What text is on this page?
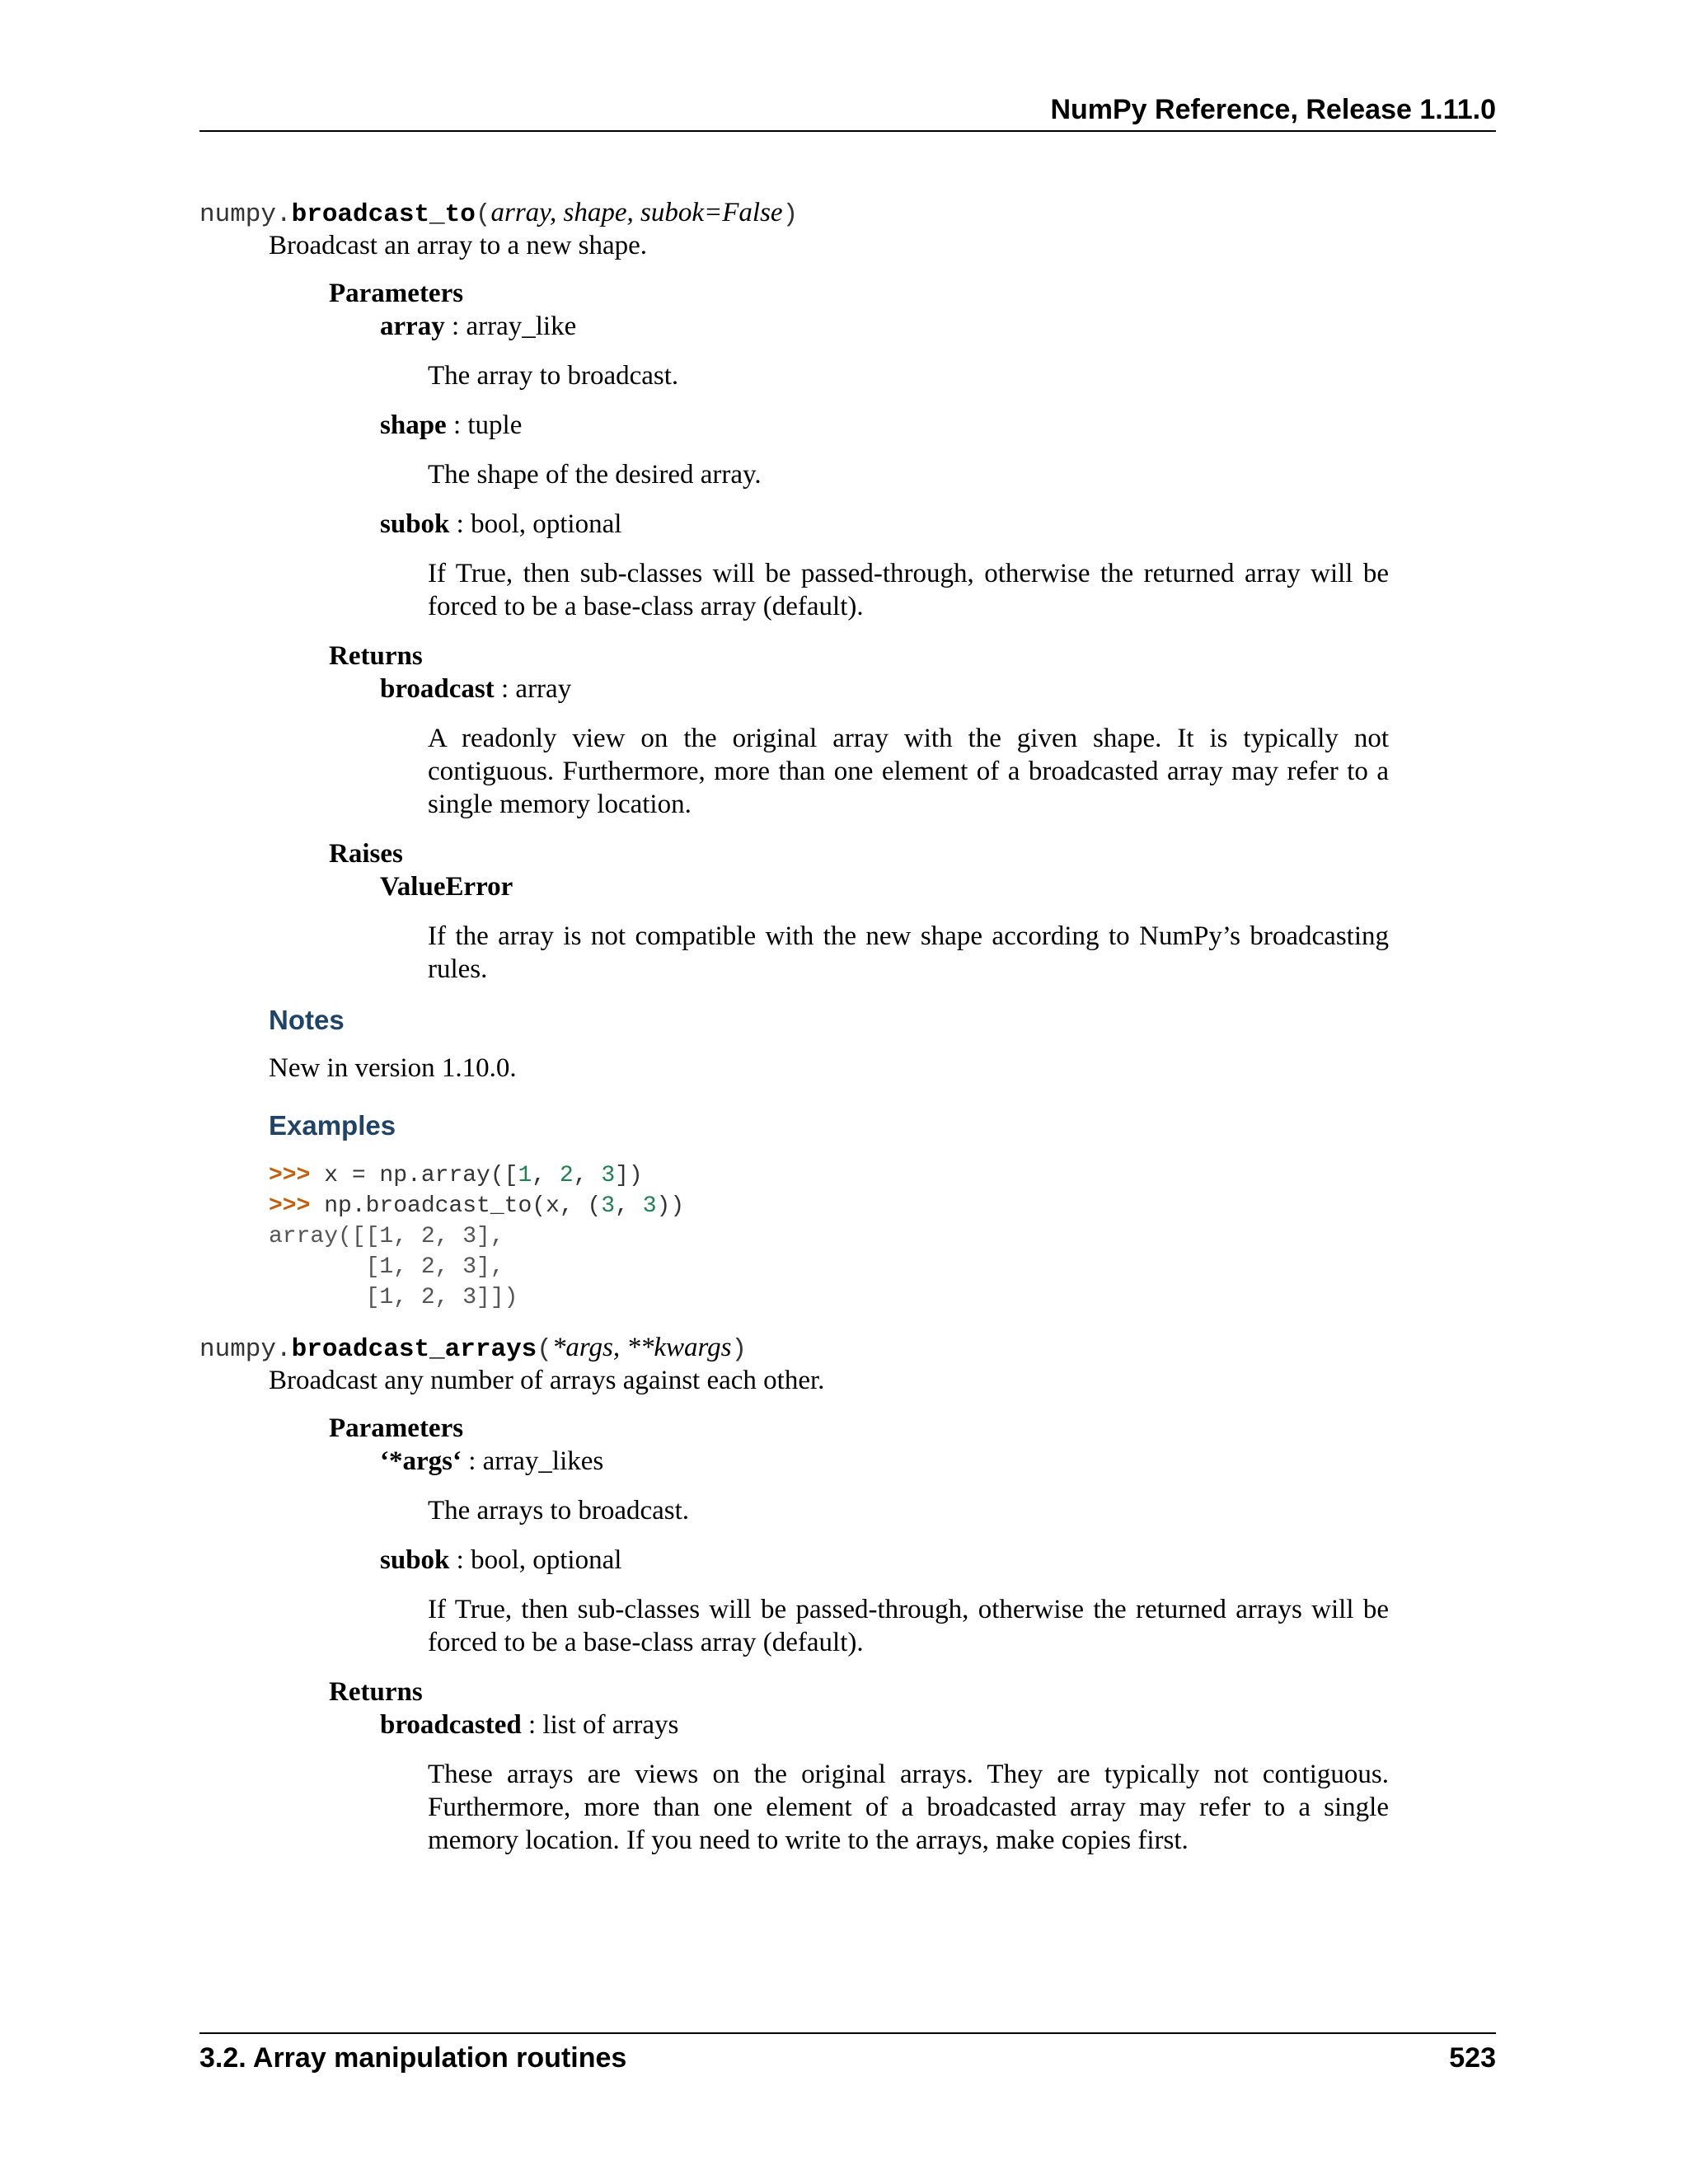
NumPy Reference, Release 1.11.0
numpy.broadcast_to(array, shape, subok=False)
Broadcast an array to a new shape.
Parameters
array : array_like
The array to broadcast.
shape : tuple
The shape of the desired array.
subok : bool, optional
If True, then sub-classes will be passed-through, otherwise the returned array will be forced to be a base-class array (default).
Returns
broadcast : array
A readonly view on the original array with the given shape. It is typically not contiguous. Furthermore, more than one element of a broadcasted array may refer to a single memory location.
Raises
ValueError
If the array is not compatible with the new shape according to NumPy’s broadcasting rules.
Notes
New in version 1.10.0.
Examples
>>> x = np.array([1, 2, 3])
>>> np.broadcast_to(x, (3, 3))
array([[1, 2, 3],
[1, 2, 3],
[1, 2, 3]])
numpy.broadcast_arrays(*args, **kwargs)
Broadcast any number of arrays against each other.
Parameters
‘*args‘ : array_likes
The arrays to broadcast.
subok : bool, optional
If True, then sub-classes will be passed-through, otherwise the returned arrays will be forced to be a base-class array (default).
Returns
broadcasted : list of arrays
These arrays are views on the original arrays. They are typically not contiguous. Furthermore, more than one element of a broadcasted array may refer to a single memory location. If you need to write to the arrays, make copies first.
3.2. Array manipulation routines	523
